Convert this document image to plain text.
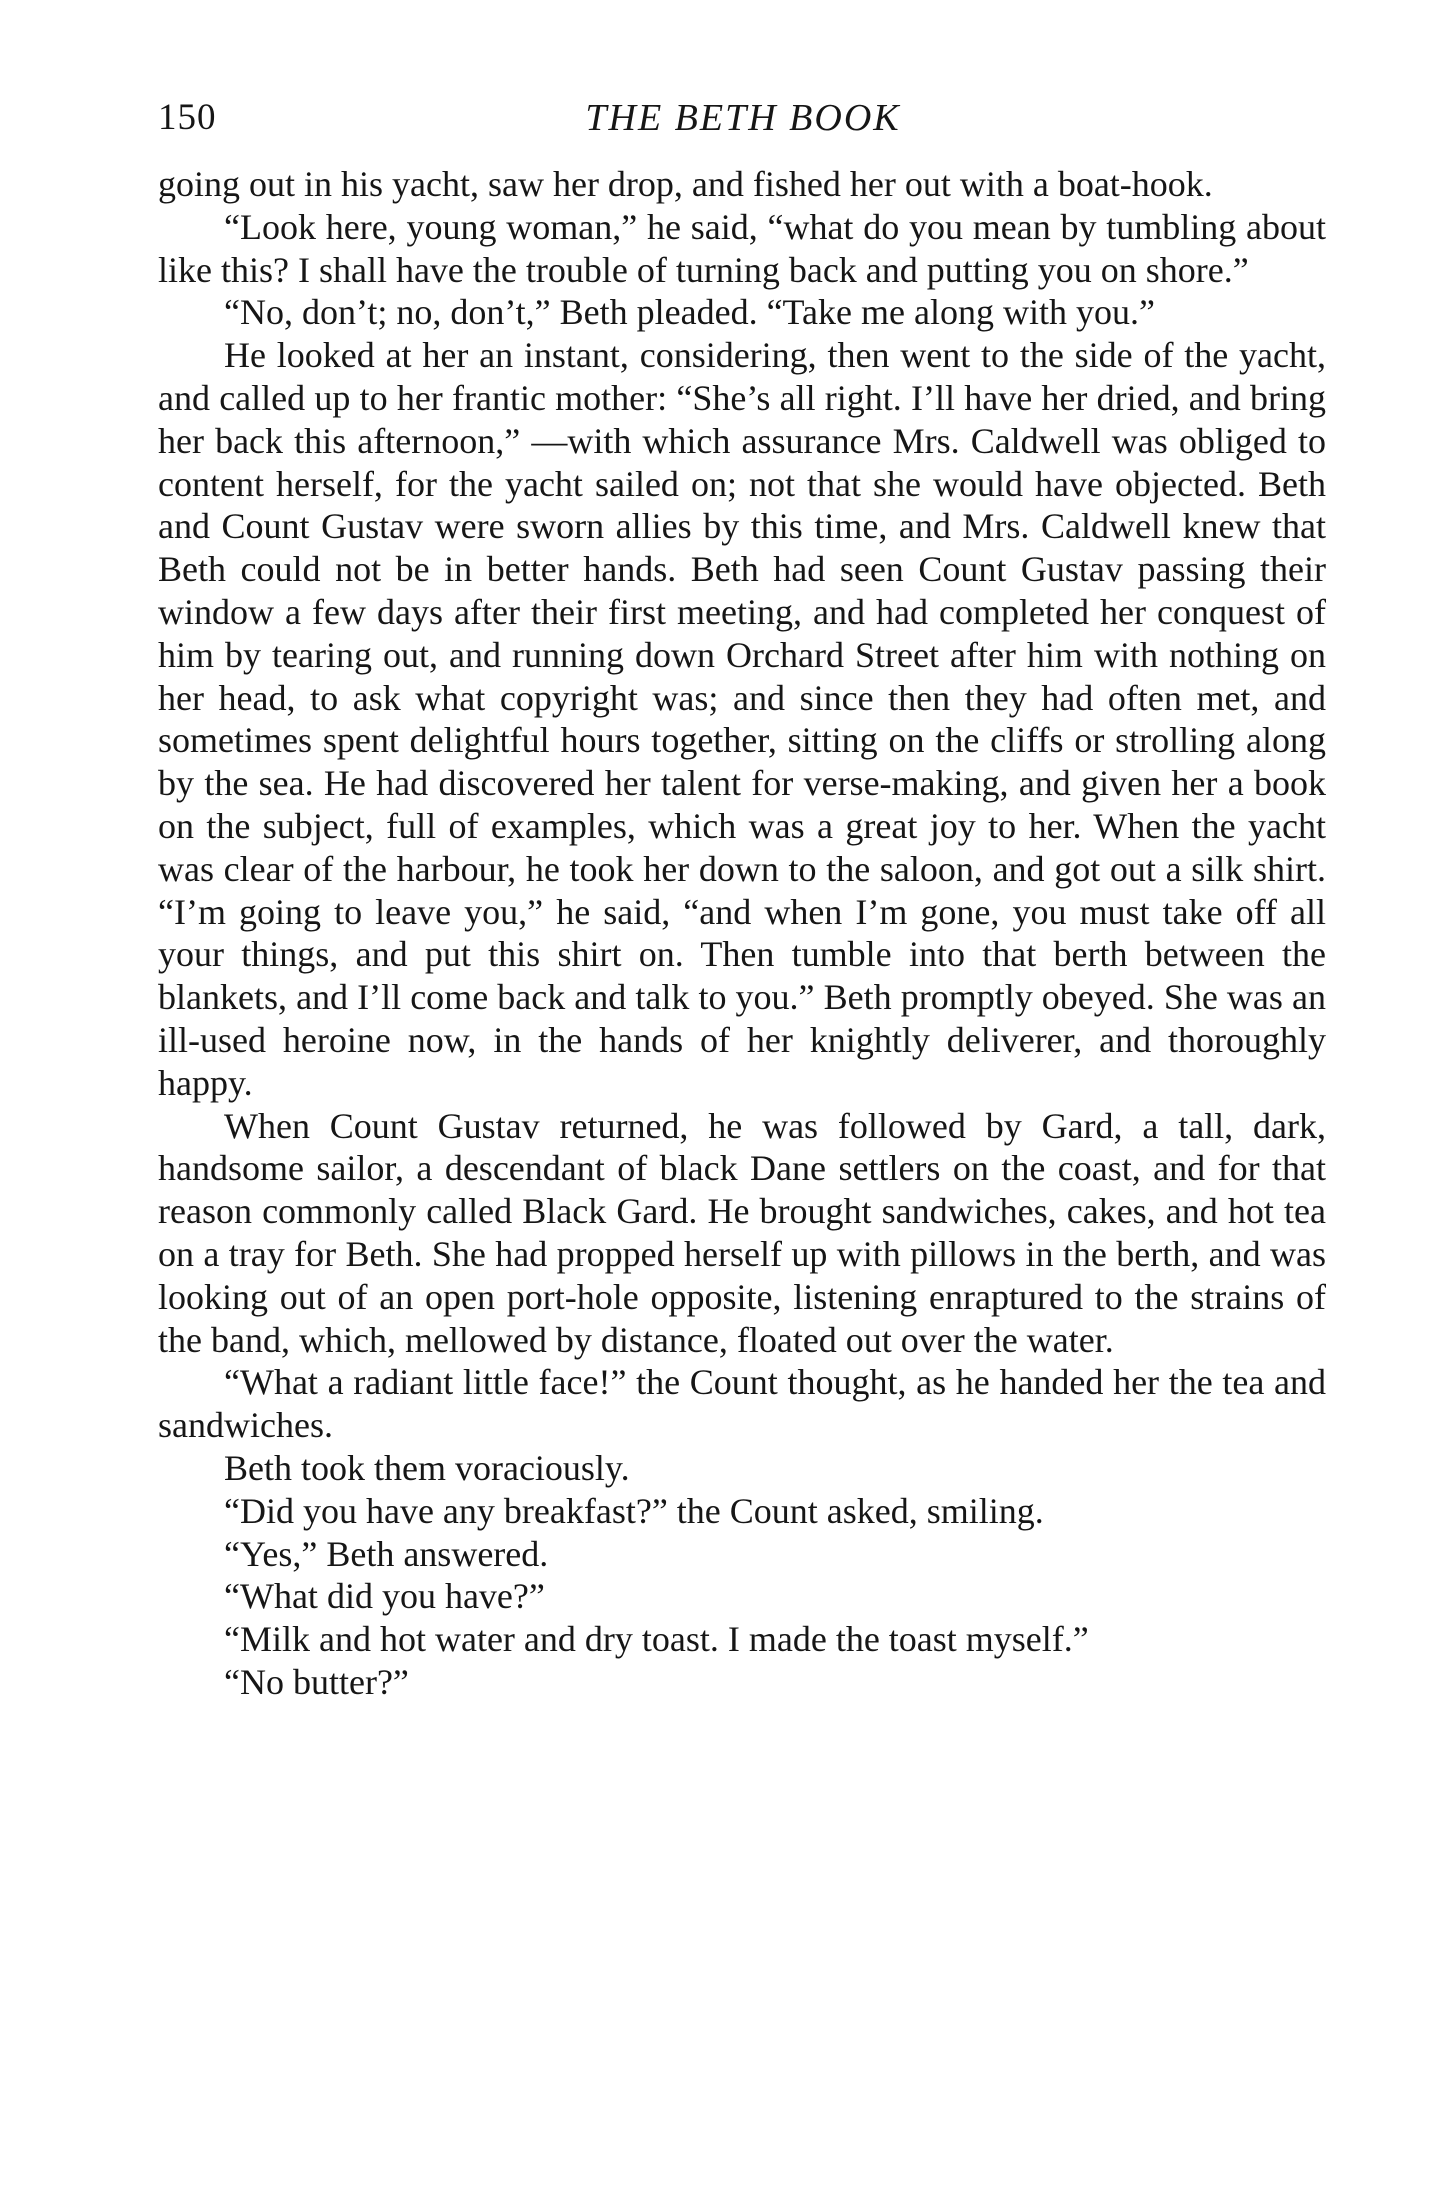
150	THE BETH BOOK

going out in his yacht, saw her drop, and fished her out with a boat-hook.

“Look here, young woman,” he said, “what do you mean by tumbling about like this? I shall have the trouble of turning back and putting you on shore.”

“No, don’t; no, don’t,” Beth pleaded. “Take me along with you.”

He looked at her an instant, considering, then went to the side of the yacht, and called up to her frantic mother: “She’s all right. I’ll have her dried, and bring her back this afternoon,” —with which assurance Mrs. Caldwell was obliged to content herself, for the yacht sailed on; not that she would have objected. Beth and Count Gustav were sworn allies by this time, and Mrs. Caldwell knew that Beth could not be in better hands. Beth had seen Count Gustav passing their window a few days after their first meeting, and had completed her conquest of him by tearing out, and running down Orchard Street after him with nothing on her head, to ask what copyright was; and since then they had often met, and sometimes spent delightful hours together, sitting on the cliffs or strolling along by the sea. He had discovered her talent for verse-making, and given her a book on the subject, full of examples, which was a great joy to her. When the yacht was clear of the harbour, he took her down to the saloon, and got out a silk shirt. “I’m going to leave you,” he said, “and when I’m gone, you must take off all your things, and put this shirt on. Then tumble into that berth between the blankets, and I’ll come back and talk to you.” Beth promptly obeyed. She was an ill-used heroine now, in the hands of her knightly deliverer, and thoroughly happy.

When Count Gustav returned, he was followed by Gard, a tall, dark, handsome sailor, a descendant of black Dane settlers on the coast, and for that reason commonly called Black Gard. He brought sandwiches, cakes, and hot tea on a tray for Beth. She had propped herself up with pillows in the berth, and was looking out of an open port-hole opposite, listening enraptured to the strains of the band, which, mellowed by distance, floated out over the water.

“What a radiant little face!” the Count thought, as he handed her the tea and sandwiches.

Beth took them voraciously.

“Did you have any breakfast?” the Count asked, smiling.

“Yes,” Beth answered.

“What did you have?”

“Milk and hot water and dry toast. I made the toast myself.”

“No butter?”
